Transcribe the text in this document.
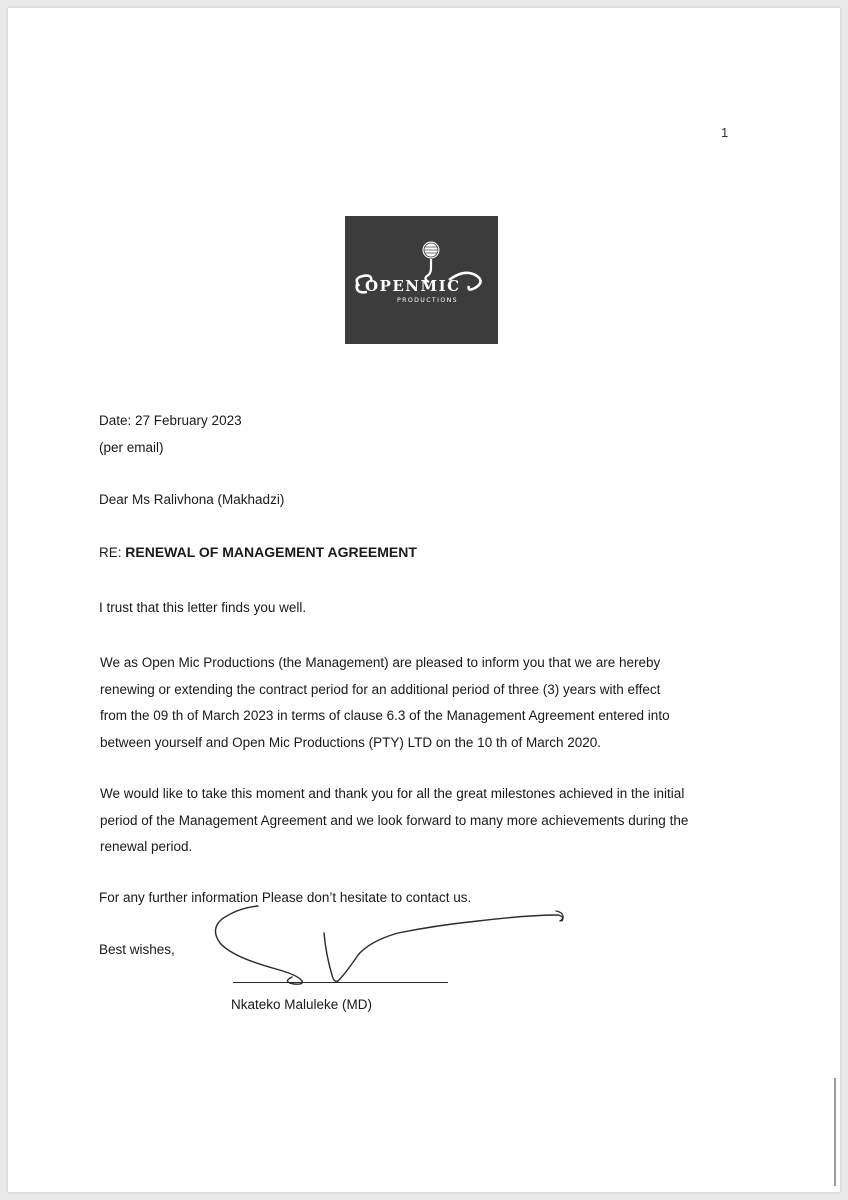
1
OPENMIC
PRODUCTIONS
Date: 27 February 2023
(per email)
Dear Ms Ralivhona (Makhadzi)
RE: RENEWAL OF MANAGEMENT AGREEMENT
I trust that this letter finds you well.
We as Open Mic Productions (the Management) are pleased to inform you that we are hereby
renewing or extending the contract period for an additional period of three (3) years with effect
from the 09 th of March 2023 in terms of clause 6.3 of the Management Agreement entered into
between yourself and Open Mic Productions (PTY) LTD on the 10 th of March 2020.
We would like to take this moment and thank you for all the great milestones achieved in the initial
period of the Management Agreement and we look forward to many more achievements during the
renewal period.
For any further information Please don’t hesitate to contact us.
Best wishes,
Nkateko Maluleke (MD)
